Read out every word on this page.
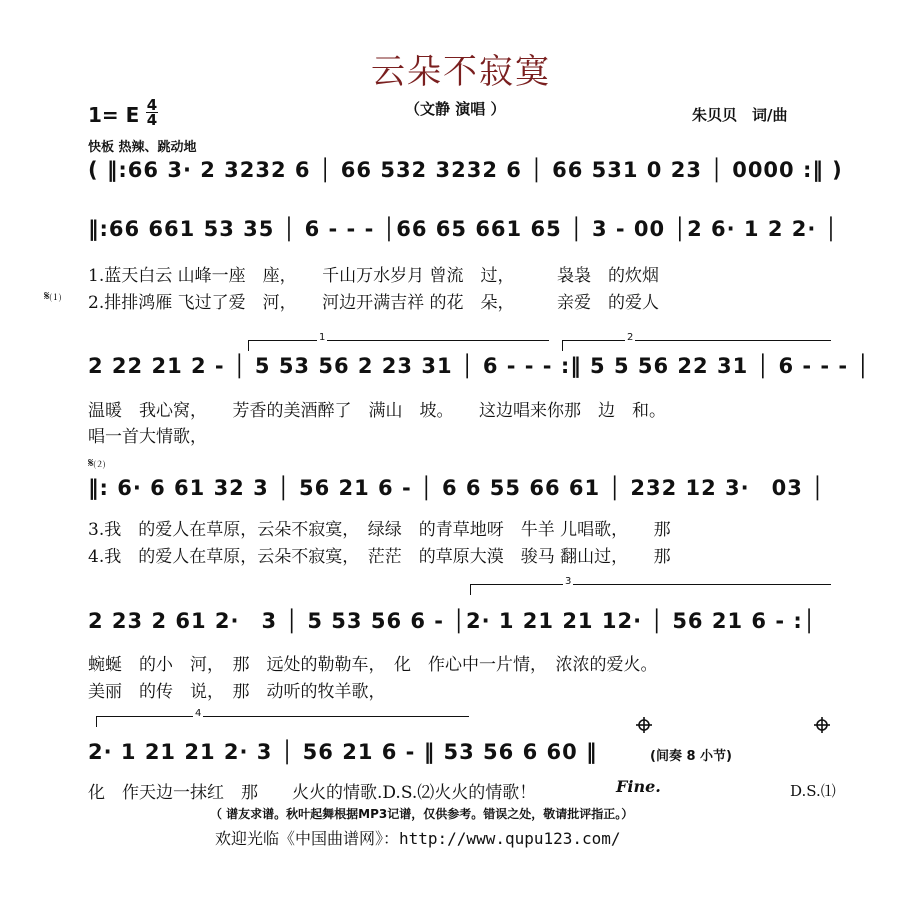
云朵不寂寞
（文静 演唱 ）
1= E 4
4	朱贝贝　词/曲
快板 热辣、跳动地
( ‖:66 3· 2 3232 6 │ 66 532 3232 6 │ 66 531 0 23 │ 0000 :‖ )
‖:66 661 53 35 │ 6 - - - │66 65 661 65 │ 3 - 00 │2 6· 1 2 2· │
1.蓝天白云 山峰一座　座，　　千山万水岁月 曾流　过，　　　袅袅　的炊烟
𝄋⑴ 2.排排鸿雁 飞过了爱　河，　　河边开满吉祥 的花　朵，　　　亲爱　的爱人
1	2
2 22 21 2 - │ 5 53 56 2 23 31 │ 6 - - - :‖ 5 5 56 22 31 │ 6 - - - │
温暖　我心窝，　　芳香的美酒醉了　满山　坡。　　这边唱来你那　边　和。
唱一首大情歌，
𝄋⑵
‖: 6· 6 61 32 3 │ 56 21 6 - │ 6 6 55 66 61 │ 232 12 3·　03 │
3.我　的爱人在草原，云朵不寂寞，　绿绿　的青草地呀　牛羊 儿唱歌，　　那
4.我　的爱人在草原，云朵不寂寞，　茫茫　的草原大漠　骏马 翻山过，　　那
3
2 23 2 61 2·　3 │ 5 53 56 6 - │2· 1 21 21 12· │ 56 21 6 - :│
蜿蜒　的小　河，　那　远处的勒勒车，　化　作心中一片情，　浓浓的爱火。
美丽　的传　说，　那　动听的牧羊歌，
4
2· 1 21 21 2· 3 │ 56 21 6 - ‖ 53 56 6 60 ‖	(间奏 8 小节)
化　作天边一抹红　那　　火火的情歌.D.S.⑵火火的情歌！	Fine.	D.S.⑴
（ 谱友求谱。秋叶起舞根据MP3记谱，仅供参考。错误之处，敬请批评指正。）
欢迎光临《中国曲谱网》：http://www.qupu123.com/
